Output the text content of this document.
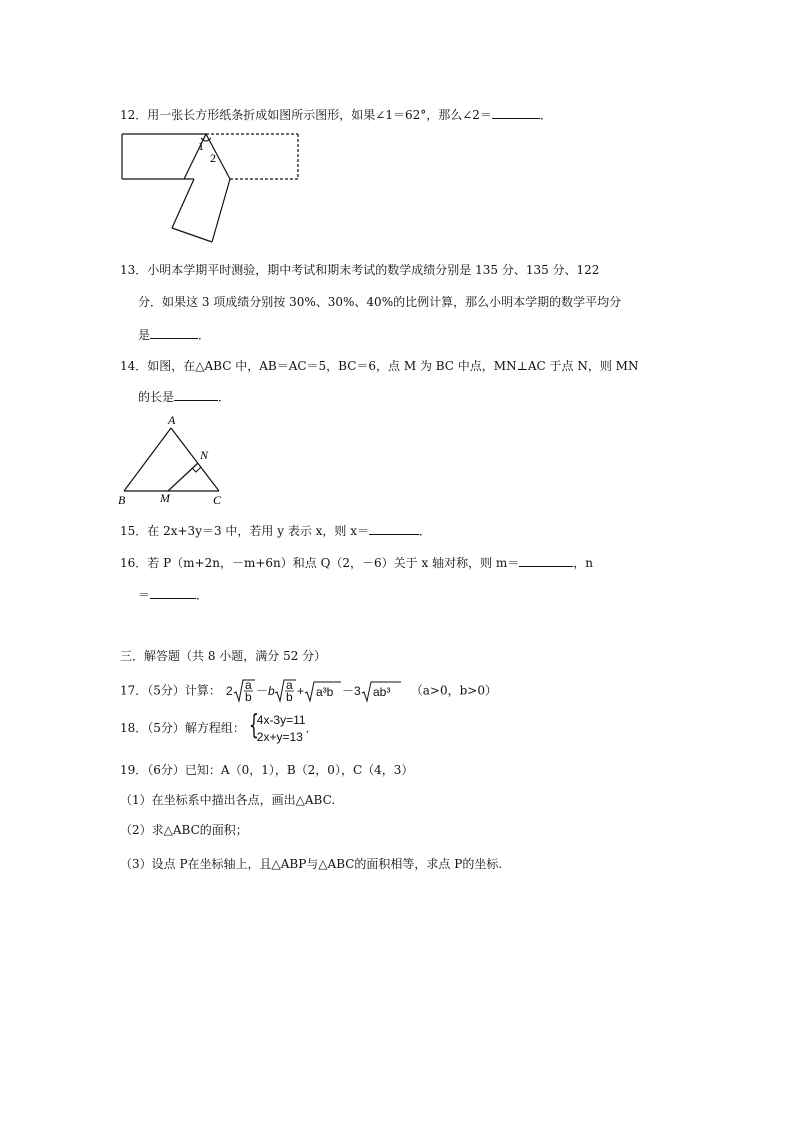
12．用一张长方形纸条折成如图所示图形，如果∠1＝62°，那么∠2＝	．
1
2
13．小明本学期平时测验，期中考试和期末考试的数学成绩分别是 135 分、135 分、122
分．如果这 3 项成绩分别按 30%、30%、40%的比例计算，那么小明本学期的数学平均分
是	．
14．如图，在△ABC 中，AB＝AC＝5，BC＝6，点 M 为 BC 中点，MN⊥AC 于点 N，则 MN
的长是	．
A
B	C
M
N
15．在 2x+3y＝3 中，若用 y 表示 x，则 x＝	．
16．若 P（m+2n，－m+6n）和点 Q（2，－6）关于 x 轴对称，则 m＝	，n
＝	．
三．解答题（共 8 小题，满分 52 分）
17．（5分）计算： 2 a
b － b a
b + a³b － 3 ab³ （a>0，b>0）
18．（5分）解方程组： {
4x-3y=11
2x+y=13
．
19．（6分）已知：A（0，1），B（2，0），C（4，3）
（1）在坐标系中描出各点，画出△ABC.
（2）求△ABC的面积；
（3）设点 P在坐标轴上，且△ABP与△ABC的面积相等，求点 P的坐标.
